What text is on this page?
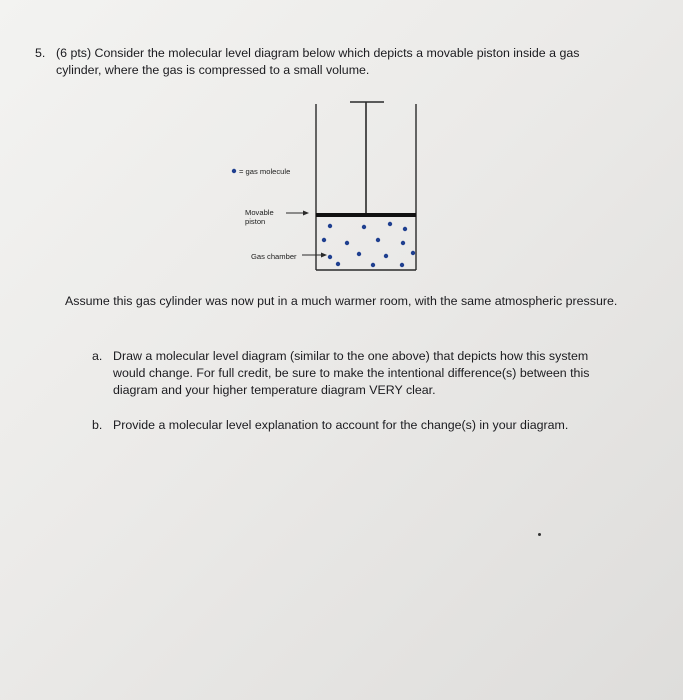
5. (6 pts) Consider the molecular level diagram below which depicts a movable piston inside a gas cylinder, where the gas is compressed to a small volume.
= gas molecule
Movable piston
Gas chamber
Assume this gas cylinder was now put in a much warmer room, with the same atmospheric pressure.
a. Draw a molecular level diagram (similar to the one above) that depicts how this system would change. For full credit, be sure to make the intentional difference(s) between this diagram and your higher temperature diagram VERY clear.
b. Provide a molecular level explanation to account for the change(s) in your diagram.
